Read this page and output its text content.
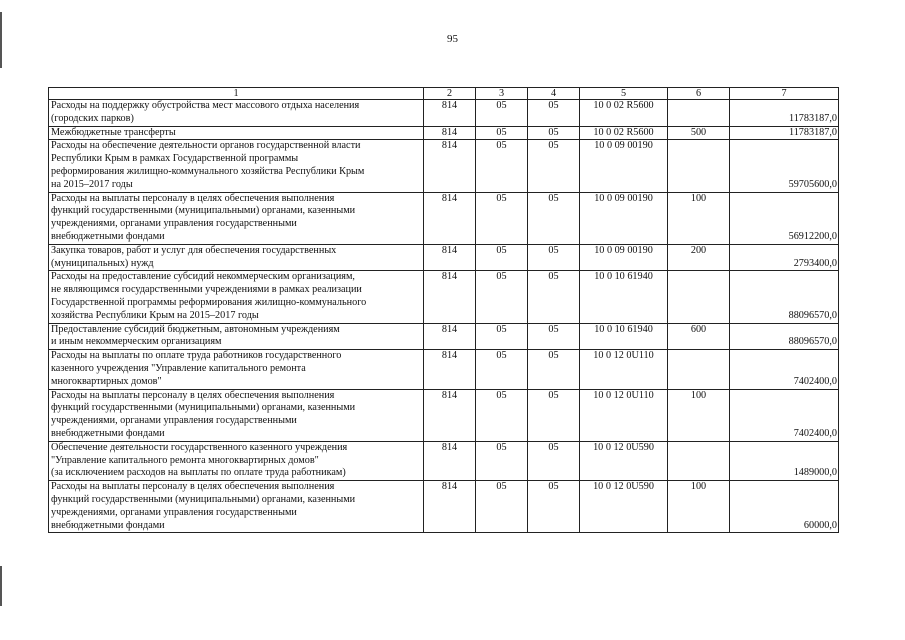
95
1	2	3	4	5	6	7

Расходы на поддержку обустройства мест массового отдыха населения
(городских парков)	814	05	05	10 0 02 R5600		11783187,0

Межбюджетные трансферты	814	05	05	10 0 02 R5600	500	11783187,0

Расходы на обеспечение деятельности органов государственной власти
Республики Крым в рамках Государственной программы
реформирования жилищно-коммунального хозяйства Республики Крым
на 2015–2017 годы	814	05	05	10 0 09 00190		59705600,0

Расходы на выплаты персоналу в целях обеспечения выполнения
функций государственными (муниципальными) органами, казенными
учреждениями, органами управления государственными
внебюджетными фондами	814	05	05	10 0 09 00190	100	56912200,0

Закупка товаров, работ и услуг для обеспечения государственных
(муниципальных) нужд	814	05	05	10 0 09 00190	200	2793400,0

Расходы на предоставление субсидий некоммерческим организациям,
не являющимся государственными учреждениями в рамках реализации
Государственной программы реформирования жилищно-коммунального
хозяйства Республики Крым на 2015–2017 годы	814	05	05	10 0 10 61940		88096570,0

Предоставление субсидий бюджетным, автономным учреждениям
и иным некоммерческим организациям	814	05	05	10 0 10 61940	600	88096570,0

Расходы на выплаты по оплате труда работников государственного
казенного учреждения "Управление капитального ремонта
многоквартирных домов"	814	05	05	10 0 12 0U110		7402400,0

Расходы на выплаты персоналу в целях обеспечения выполнения
функций государственными (муниципальными) органами, казенными
учреждениями, органами управления государственными
внебюджетными фондами	814	05	05	10 0 12 0U110	100	7402400,0

Обеспечение деятельности государственного казенного учреждения
"Управление капитального ремонта многоквартирных домов"
(за исключением расходов на выплаты по оплате труда работникам)	814	05	05	10 0 12 0U590		1489000,0

Расходы на выплаты персоналу в целях обеспечения выполнения
функций государственными (муниципальными) органами, казенными
учреждениями, органами управления государственными
внебюджетными фондами	814	05	05	10 0 12 0U590	100	60000,0
